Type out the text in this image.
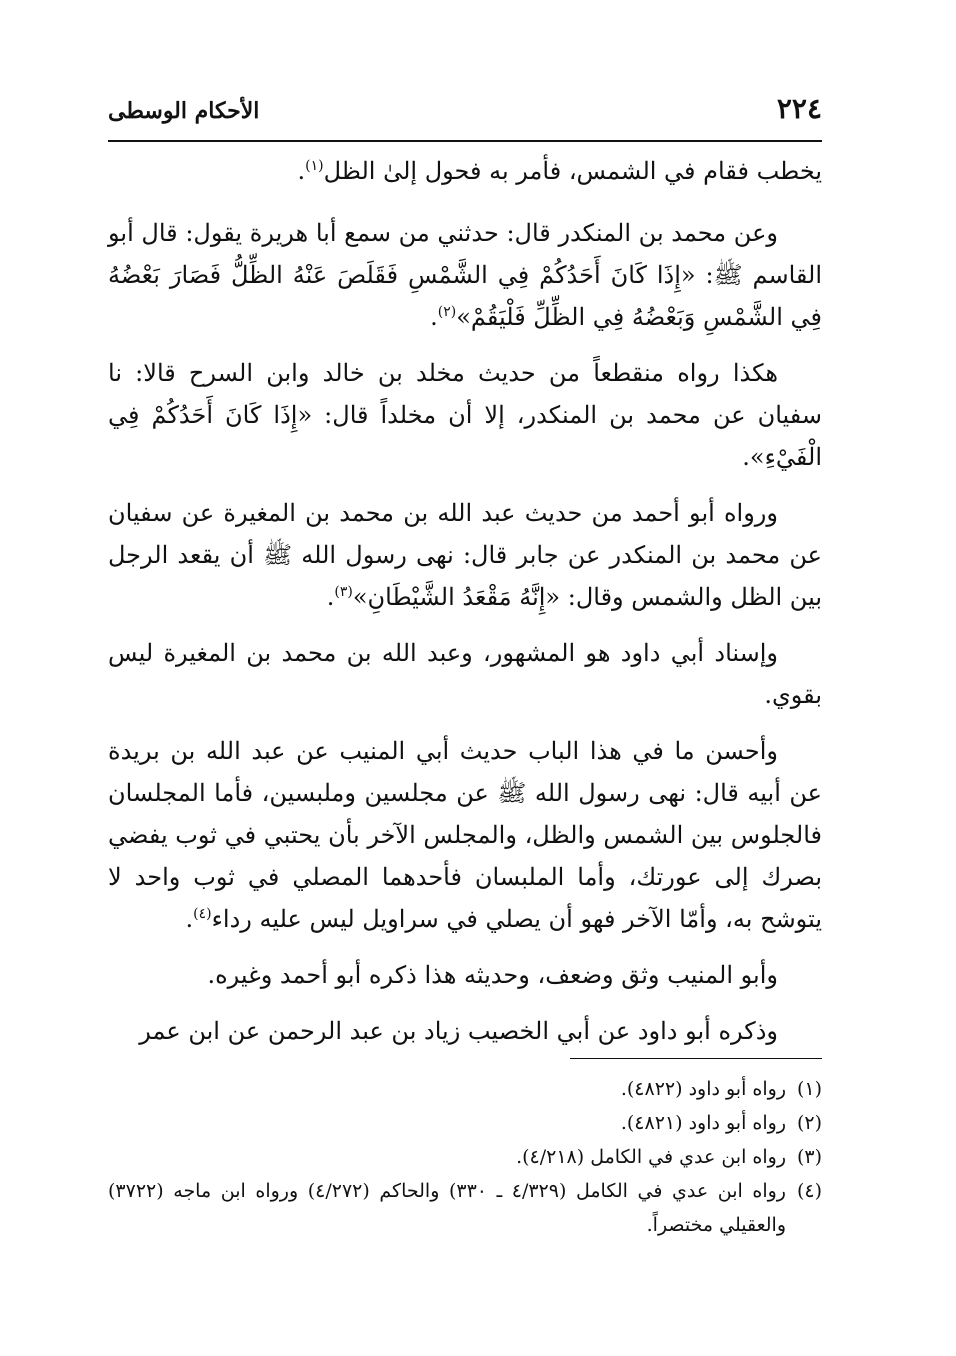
٢٢٤
الأحكام الوسطى

يخطب فقام في الشمس، فأمر به فحول إلىٰ الظل$^{(١)}$.

وعن محمد بن المنكدر قال: حدثني من سمع أبا هريرة يقول: قال أبو القاسم ﷺ: «إِذَا كَانَ أَحَدُكُمْ فِي الشَّمْسِ فَقَلَصَ عَنْهُ الظِّلُّ فَصَارَ بَعْضُهُ فِي الشَّمْسِ وَبَعْضُهُ فِي الظِّلِّ فَلْيَقُمْ»$^{(٢)}$.

هكذا رواه منقطعاً من حديث مخلد بن خالد وابن السرح قالا: نا سفيان عن محمد بن المنكدر، إلا أن مخلداً قال: «إِذَا كَانَ أَحَدُكُمْ فِي الْفَيْءِ».

ورواه أبو أحمد من حديث عبد الله بن محمد بن المغيرة عن سفيان عن محمد بن المنكدر عن جابر قال: نهى رسول الله ﷺ أن يقعد الرجل بين الظل والشمس وقال: «إِنَّهُ مَقْعَدُ الشَّيْطَانِ»$^{(٣)}$.

وإسناد أبي داود هو المشهور، وعبد الله بن محمد بن المغيرة ليس بقوي.

وأحسن ما في هذا الباب حديث أبي المنيب عن عبد الله بن بريدة عن أبيه قال: نهى رسول الله ﷺ عن مجلسين وملبسين، فأما المجلسان فالجلوس بين الشمس والظل، والمجلس الآخر بأن يحتبي في ثوب يفضي بصرك إلى عورتك، وأما الملبسان فأحدهما المصلي في ثوب واحد لا يتوشح به، وأمّا الآخر فهو أن يصلي في سراويل ليس عليه رداء$^{(٤)}$.

وأبو المنيب وثق وضعف، وحديثه هذا ذكره أبو أحمد وغيره.

وذكره أبو داود عن أبي الخصيب زياد بن عبد الرحمن عن ابن عمر

(١)
رواه أبو داود (٤٨٢٢).
(٢)
رواه أبو داود (٤٨٢١).
(٣)
رواه ابن عدي في الكامل (٤/٢١٨).
(٤)
رواه ابن عدي في الكامل (٤/٣٢٩ ـ ٣٣٠) والحاكم (٤/٢٧٢) ورواه ابن ماجه (٣٧٢٢) والعقيلي مختصراً.
